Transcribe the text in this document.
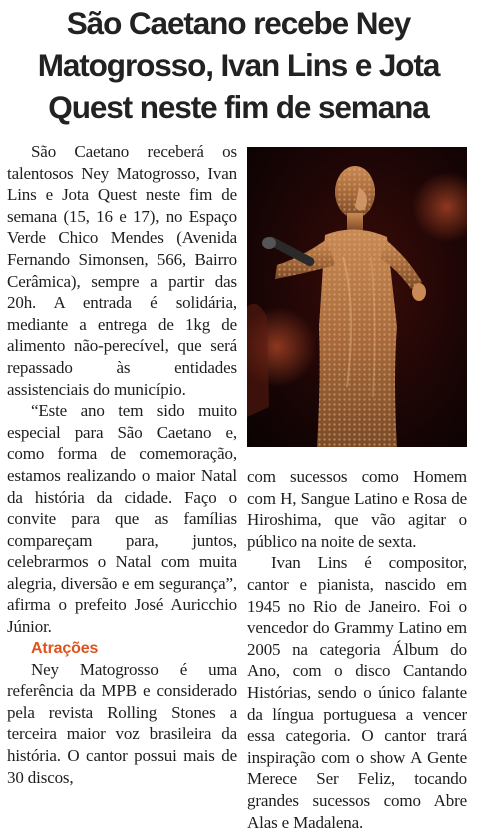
São Caetano recebe Ney Matogrosso, Ivan Lins e Jota Quest neste fim de semana

São Caetano receberá os talentosos Ney Matogrosso, Ivan Lins e Jota Quest neste fim de semana (15, 16 e 17), no Espaço Verde Chico Mendes (Avenida Fernando Simonsen, 566, Bairro Cerâmica), sempre a partir das 20h. A entrada é solidária, mediante a entrega de 1kg de alimento não-perecível, que será repassado às entidades assistenciais do município.

“Este ano tem sido muito especial para São Caetano e, como forma de comemoração, estamos realizando o maior Natal da história da cidade. Faço o convite para que as famílias compareçam para, juntos, celebrarmos o Natal com muita alegria, diversão e em segurança”, afirma o prefeito José Auricchio Júnior.

Atrações

Ney Matogrosso é uma referência da MPB e considerado pela revista Rolling Stones a terceira maior voz brasileira da história. O cantor possui mais de 30 discos,

com sucessos como Homem com H, Sangue Latino e Rosa de Hiroshima, que vão agitar o público na noite de sexta.

Ivan Lins é compositor, cantor e pianista, nascido em 1945 no Rio de Janeiro. Foi o vencedor do Grammy Latino em 2005 na categoria Álbum do Ano, com o disco Cantando Histórias, sendo o único falante da língua portuguesa a vencer essa categoria. O cantor trará inspiração com o show A Gente Merece Ser Feliz, tocando grandes sucessos como Abre Alas e Madalena.
